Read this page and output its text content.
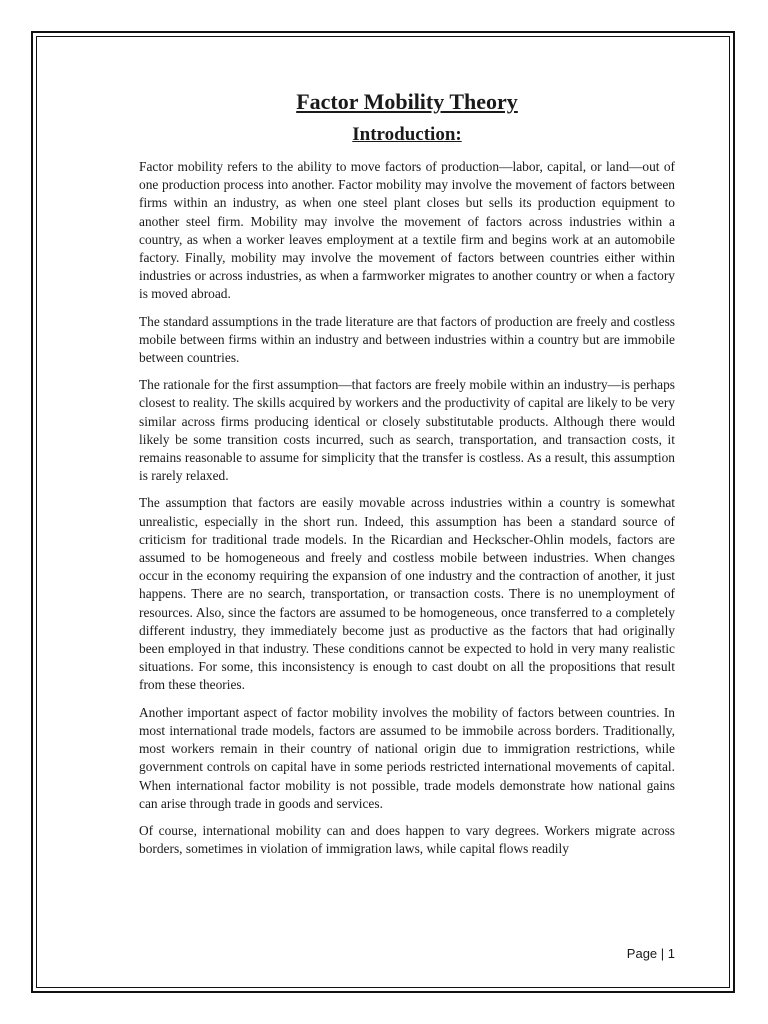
Factor Mobility Theory
Introduction:

Factor mobility refers to the ability to move factors of production—labor, capital, or land—out of one production process into another. Factor mobility may involve the movement of factors between firms within an industry, as when one steel plant closes but sells its production equipment to another steel firm. Mobility may involve the movement of factors across industries within a country, as when a worker leaves employment at a textile firm and begins work at an automobile factory. Finally, mobility may involve the movement of factors between countries either within industries or across industries, as when a farmworker migrates to another country or when a factory is moved abroad.

The standard assumptions in the trade literature are that factors of production are freely and costless mobile between firms within an industry and between industries within a country but are immobile between countries.

The rationale for the first assumption—that factors are freely mobile within an industry—is perhaps closest to reality. The skills acquired by workers and the productivity of capital are likely to be very similar across firms producing identical or closely substitutable products. Although there would likely be some transition costs incurred, such as search, transportation, and transaction costs, it remains reasonable to assume for simplicity that the transfer is costless. As a result, this assumption is rarely relaxed.

The assumption that factors are easily movable across industries within a country is somewhat unrealistic, especially in the short run. Indeed, this assumption has been a standard source of criticism for traditional trade models. In the Ricardian and Heckscher-Ohlin models, factors are assumed to be homogeneous and freely and costless mobile between industries. When changes occur in the economy requiring the expansion of one industry and the contraction of another, it just happens. There are no search, transportation, or transaction costs. There is no unemployment of resources. Also, since the factors are assumed to be homogeneous, once transferred to a completely different industry, they immediately become just as productive as the factors that had originally been employed in that industry. These conditions cannot be expected to hold in very many realistic situations. For some, this inconsistency is enough to cast doubt on all the propositions that result from these theories.

Another important aspect of factor mobility involves the mobility of factors between countries. In most international trade models, factors are assumed to be immobile across borders. Traditionally, most workers remain in their country of national origin due to immigration restrictions, while government controls on capital have in some periods restricted international movements of capital. When international factor mobility is not possible, trade models demonstrate how national gains can arise through trade in goods and services.

Of course, international mobility can and does happen to vary degrees. Workers migrate across borders, sometimes in violation of immigration laws, while capital flows readily

Page | 1
